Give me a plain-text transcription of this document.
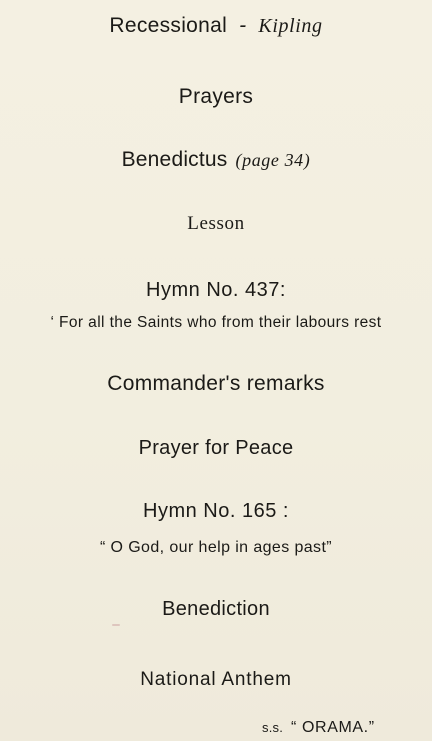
Recessional - Kipling
Prayers
Benedictus (page 34)
Lesson
Hymn No. 437:
‘ For all the Saints who from their labours rest
Commander's remarks
Prayer for Peace
Hymn No. 165 :
“ O God, our help in ages past”
Benediction
National Anthem
s.s. “ ORAMA.”
